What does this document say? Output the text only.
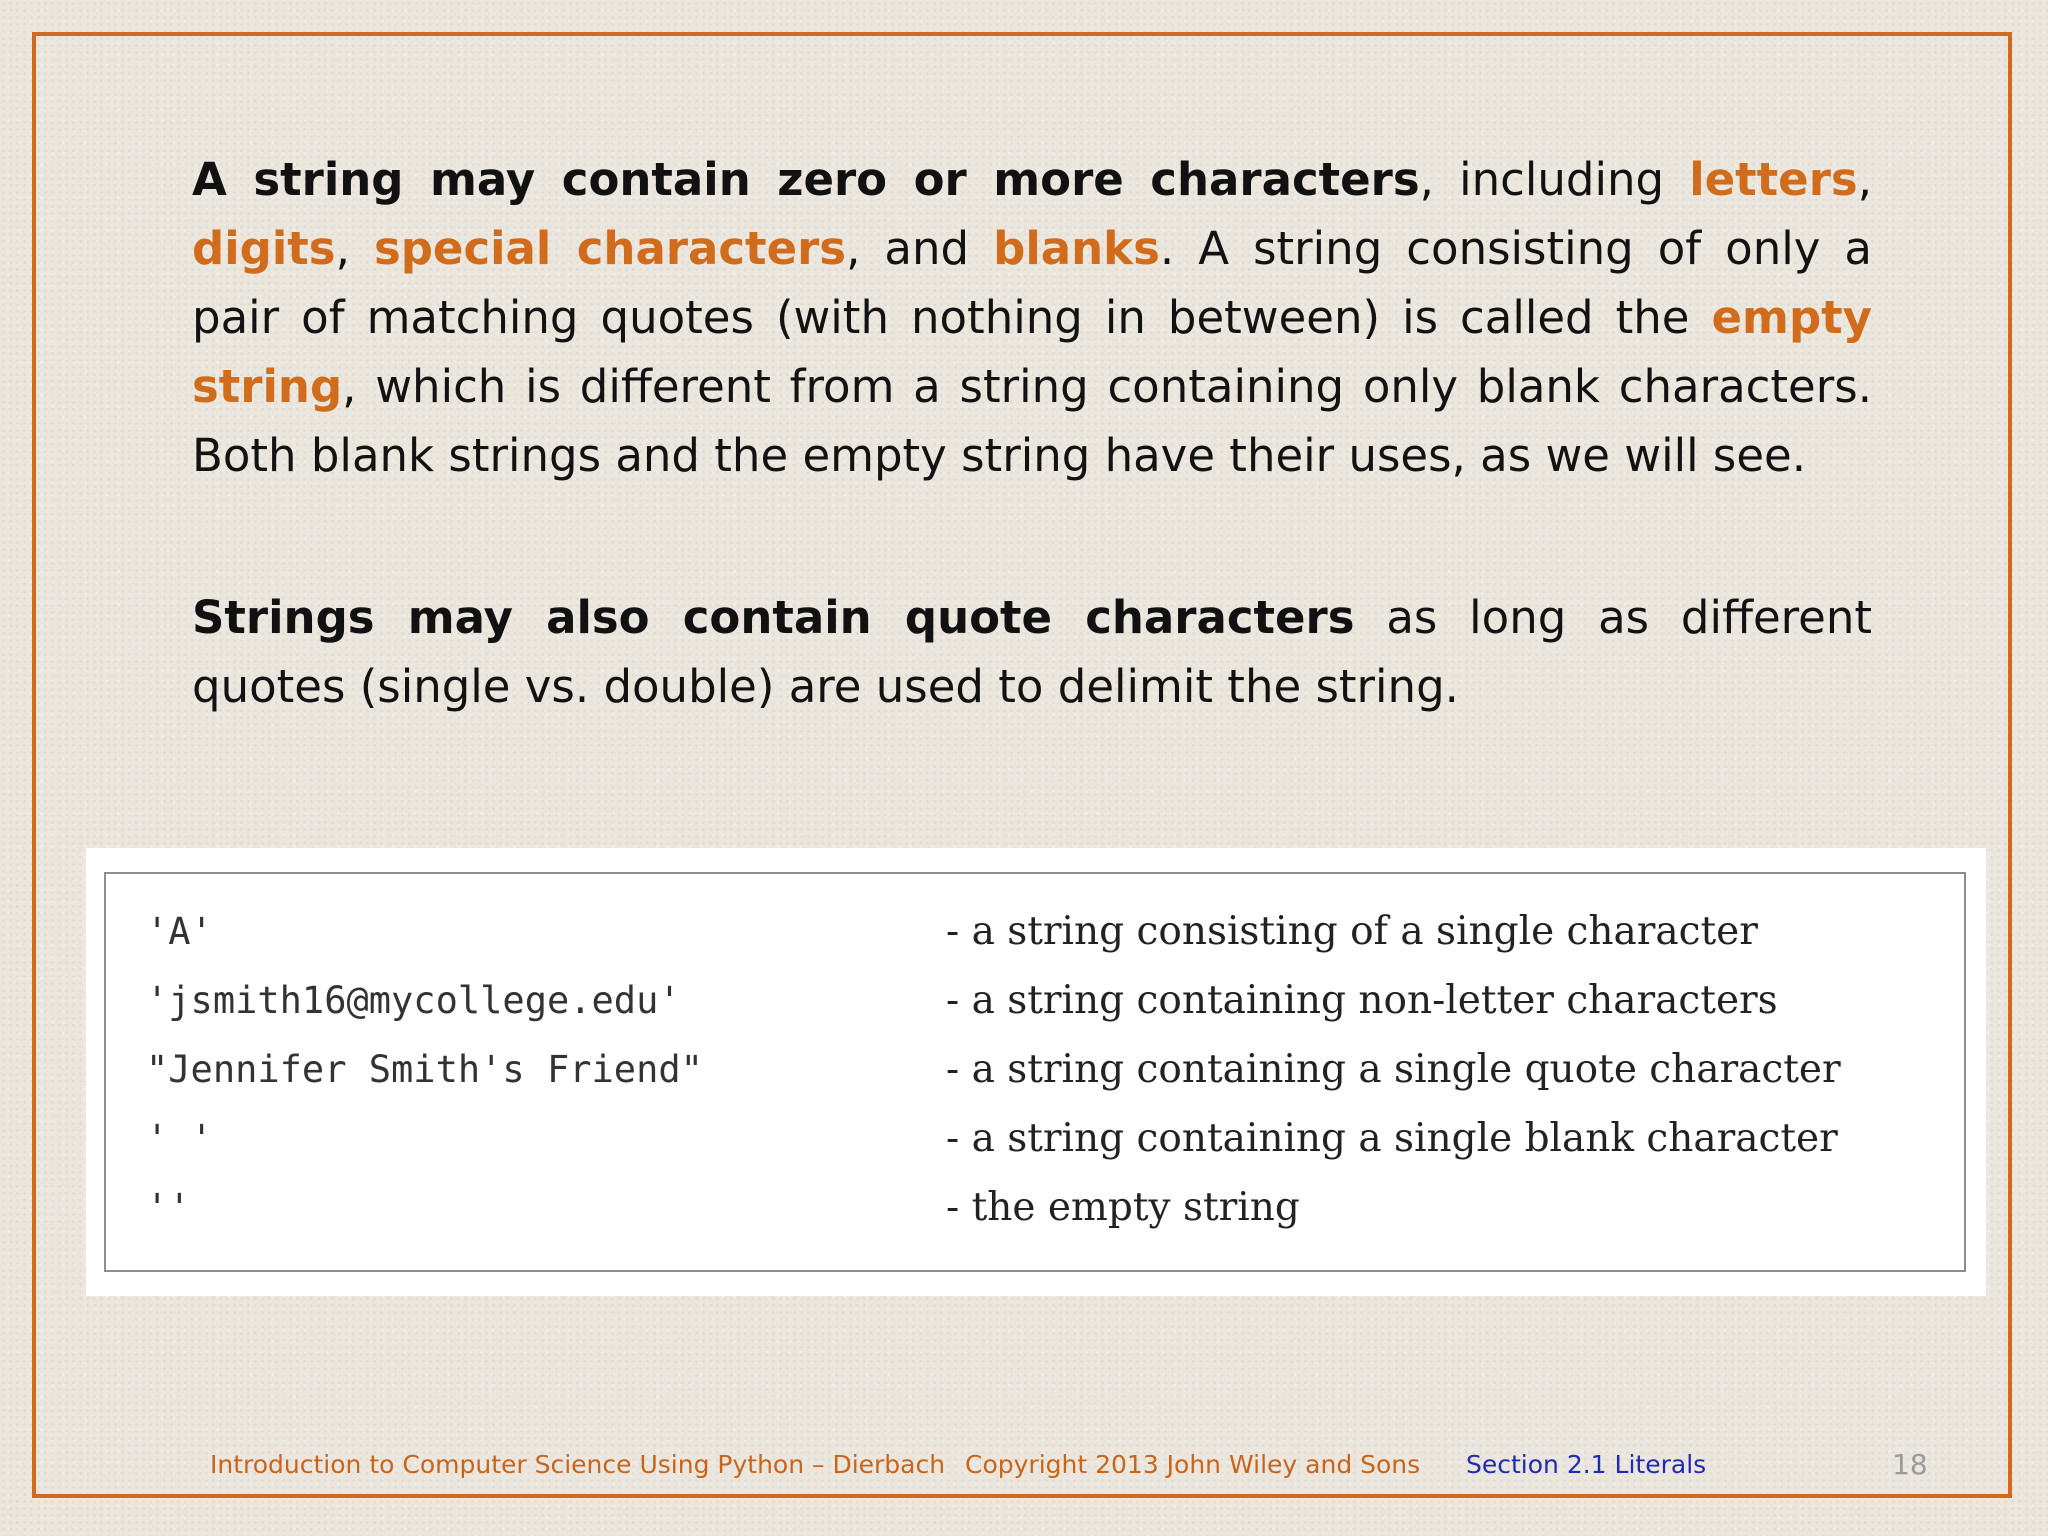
A string may contain zero or more characters, including letters, digits, special characters, and blanks. A string consisting of only a pair of matching quotes (with nothing in between) is called the empty string, which is different from a string containing only blank characters. Both blank strings and the empty string have their uses, as we will see.

Strings may also contain quote characters as long as different quotes (single vs. double) are used to delimit the string.

'A'	- a string consisting of a single character
'jsmith16@mycollege.edu'	- a string containing non-letter characters
"Jennifer Smith's Friend"	- a string containing a single quote character
' '	- a string containing a single blank character
''	- the empty string
Introduction to Computer Science Using Python – Dierbach Copyright 2013 John Wiley and Sons Section 2.1 Literals	18
